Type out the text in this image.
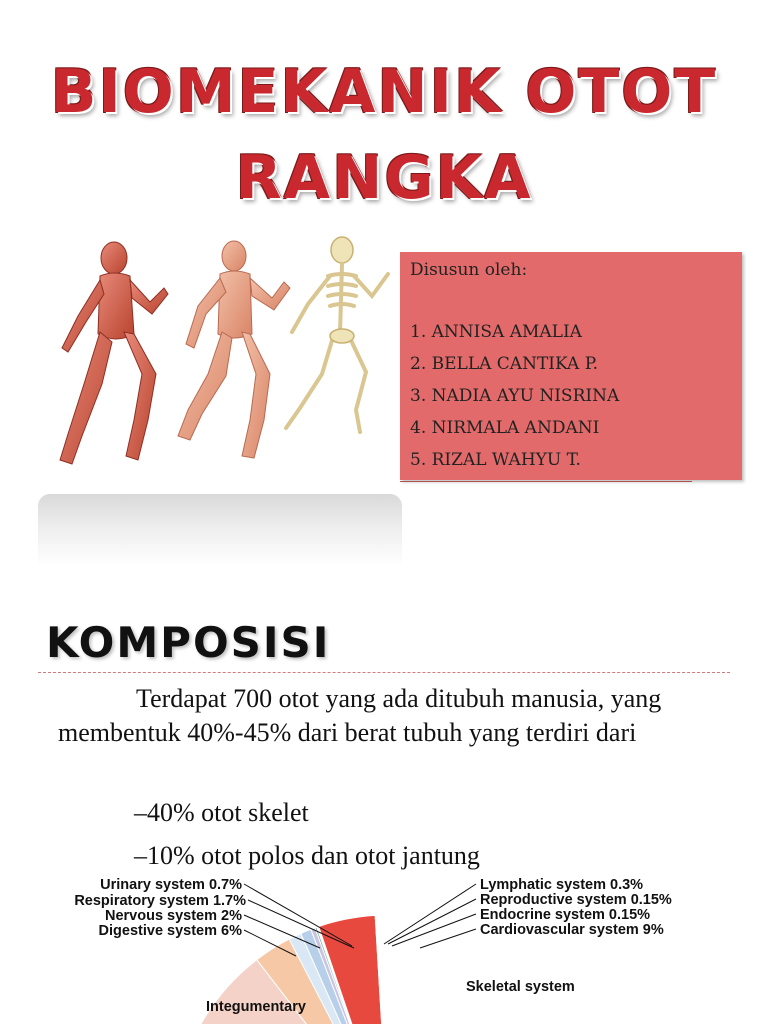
BIOMEKANIK OTOT
RANGKA
Disusun oleh:
1. ANNISA AMALIA
2. BELLA CANTIKA P.
3. NADIA AYU NISRINA
4. NIRMALA ANDANI
5. RIZAL WAHYU T.
KOMPOSISI

Terdapat 700 otot yang ada ditubuh manusia, yang membentuk 40%-45% dari berat tubuh yang terdiri dari

–40% otot skelet
–10% otot polos dan otot jantung
Urinary system 0.7%
Respiratory system 1.7%
Nervous system 2%
Digestive system 6%
Lymphatic system 0.3%
Reproductive system 0.15%
Endocrine system 0.15%
Cardiovascular system 9%
Skeletal system
Integumentary
